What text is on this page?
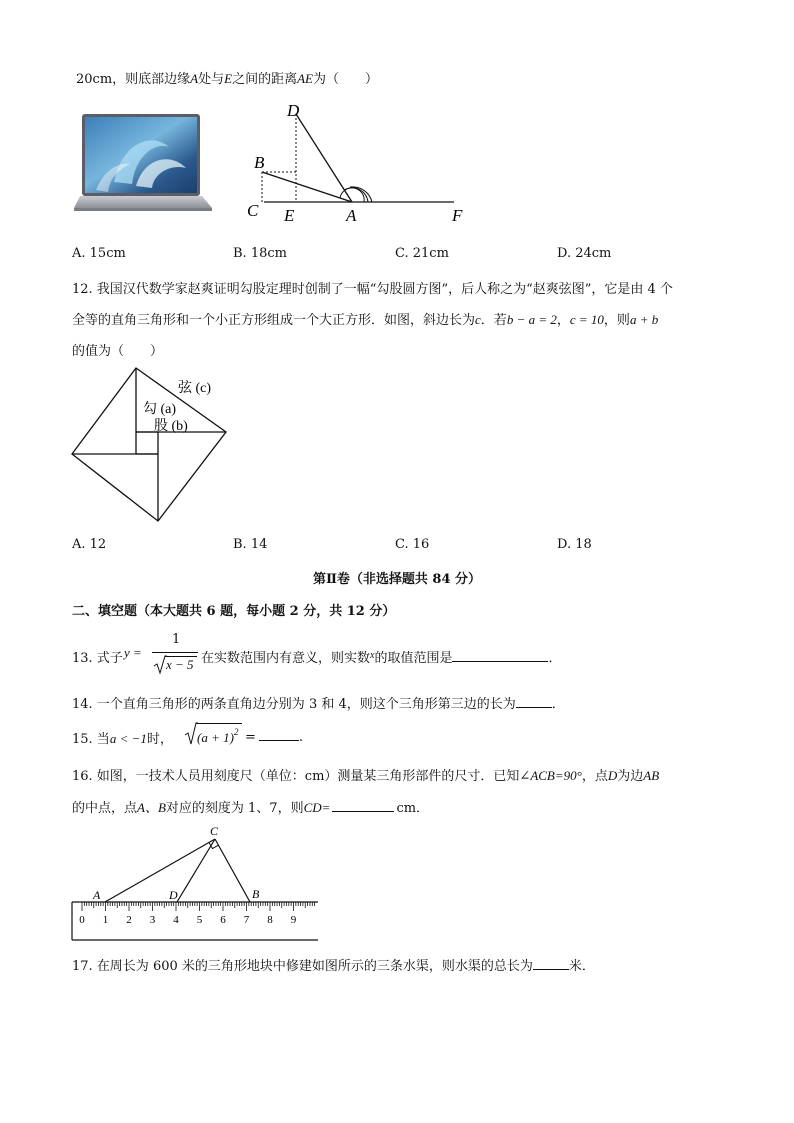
20cm，则底部边缘A处与E之间的距离AE为（　　）
D
B
C E	A	F
A. 15cm	B. 18cm	C. 21cm	D. 24cm
12. 我国汉代数学家赵爽证明勾股定理时创制了一幅“勾股圆方图”，后人称之为“赵爽弦图”，它是由 4 个
全等的直角三角形和一个小正方形组成一个大正方形．如图，斜边长为c．若b − a = 2，c = 10，则a + b
的值为（　　）
弦 (c)
勾 (a)
股 (b)
A. 12	B. 14	C. 16	D. 18
第Ⅱ卷（非选择题共 84 分）
二、填空题（本大题共 6 题，每小题 2 分，共 12 分）
13. 式子 y =
1
x − 5 在实数范围内有意义，则实数$^x$的取值范围是	．
14. 一个直角三角形的两条直角边分别为 3 和 4，则这个三角形第三边的长为	．
15. 当a < −1时， $(a + 1)^2$ =	.
16. 如图，一技术人员用刻度尺（单位：cm）测量某三角形部件的尺寸．已知∠ACB=90°，点D为边AB
的中点，点A、B对应的刻度为 1、7，则CD=	cm．
0 1 2 3 4 5 6 7 8 9
C
A	D	B
17. 在周长为 600 米的三角形地块中修建如图所示的三条水渠，则水渠的总长为	米．
